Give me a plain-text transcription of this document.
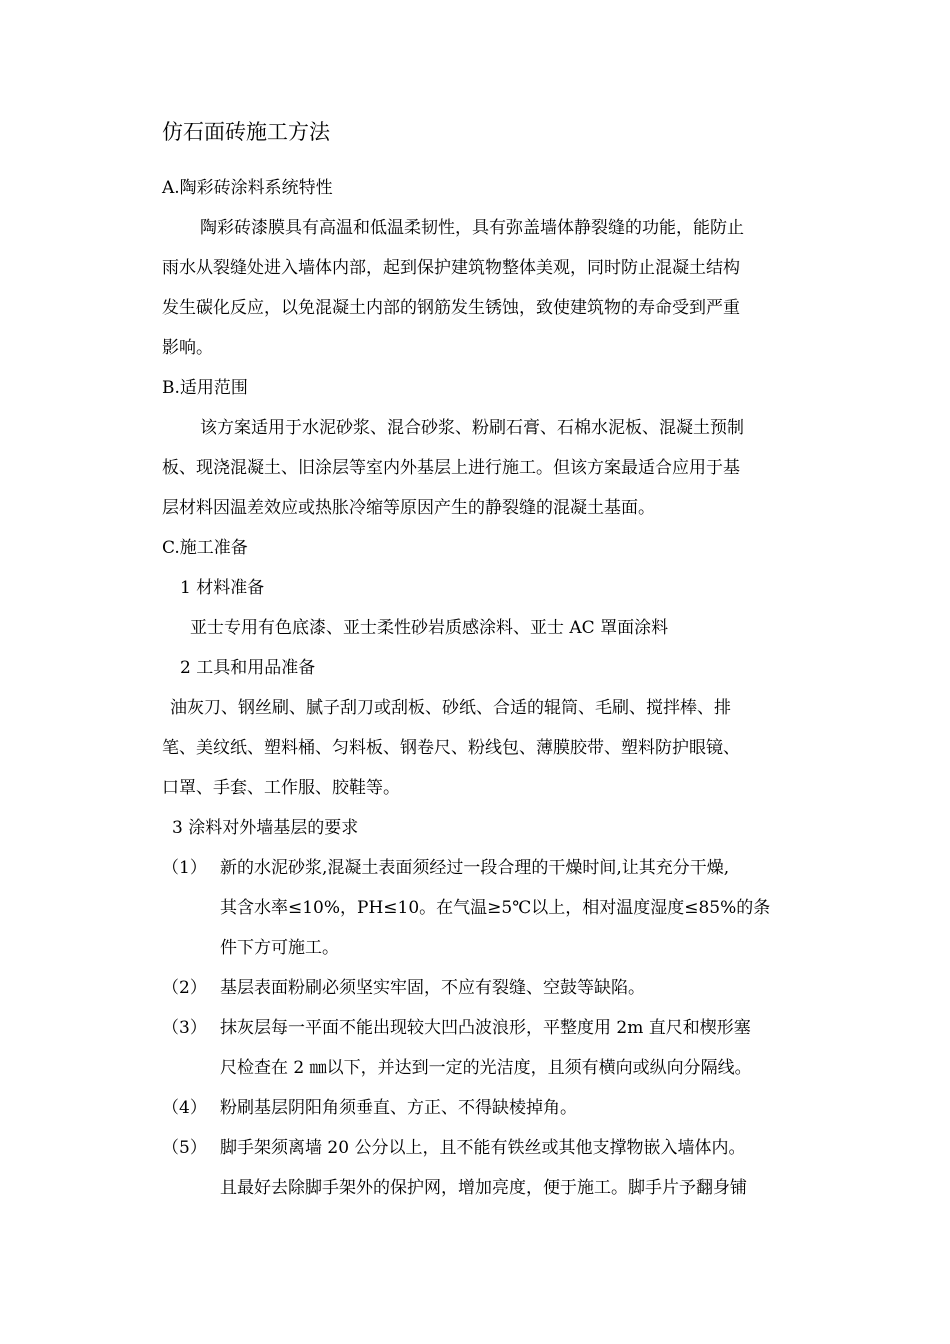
仿石面砖施工方法
A.陶彩砖涂料系统特性
陶彩砖漆膜具有高温和低温柔韧性，具有弥盖墙体静裂缝的功能，能防止
雨水从裂缝处进入墙体内部，起到保护建筑物整体美观，同时防止混凝土结构
发生碳化反应，以免混凝土内部的钢筋发生锈蚀，致使建筑物的寿命受到严重
影响。
B.适用范围
该方案适用于水泥砂浆、混合砂浆、粉刷石膏、石棉水泥板、混凝土预制
板、现浇混凝土、旧涂层等室内外基层上进行施工。但该方案最适合应用于基
层材料因温差效应或热胀冷缩等原因产生的静裂缝的混凝土基面。
C.施工准备
1 材料准备
亚士专用有色底漆、亚士柔性砂岩质感涂料、亚士 AC 罩面涂料
2 工具和用品准备
油灰刀、钢丝刷、腻子刮刀或刮板、砂纸、合适的辊筒、毛刷、搅拌棒、排
笔、美纹纸、塑料桶、匀料板、钢卷尺、粉线包、薄膜胶带、塑料防护眼镜、
口罩、手套、工作服、胶鞋等。
3 涂料对外墙基层的要求
（1） 新的水泥砂浆,混凝土表面须经过一段合理的干燥时间,让其充分干燥,
其含水率≤10%，PH≤10。在气温≥5℃以上，相对温度湿度≤85%的条
件下方可施工。
（2） 基层表面粉刷必须坚实牢固，不应有裂缝、空鼓等缺陷。
（3） 抹灰层每一平面不能出现较大凹凸波浪形，平整度用 2m 直尺和楔形塞
尺检查在 2 ㎜以下，并达到一定的光洁度，且须有横向或纵向分隔线。
（4） 粉刷基层阴阳角须垂直、方正、不得缺棱掉角。
（5） 脚手架须离墙 20 公分以上，且不能有铁丝或其他支撑物嵌入墙体内。
且最好去除脚手架外的保护网，增加亮度，便于施工。脚手片予翻身铺
